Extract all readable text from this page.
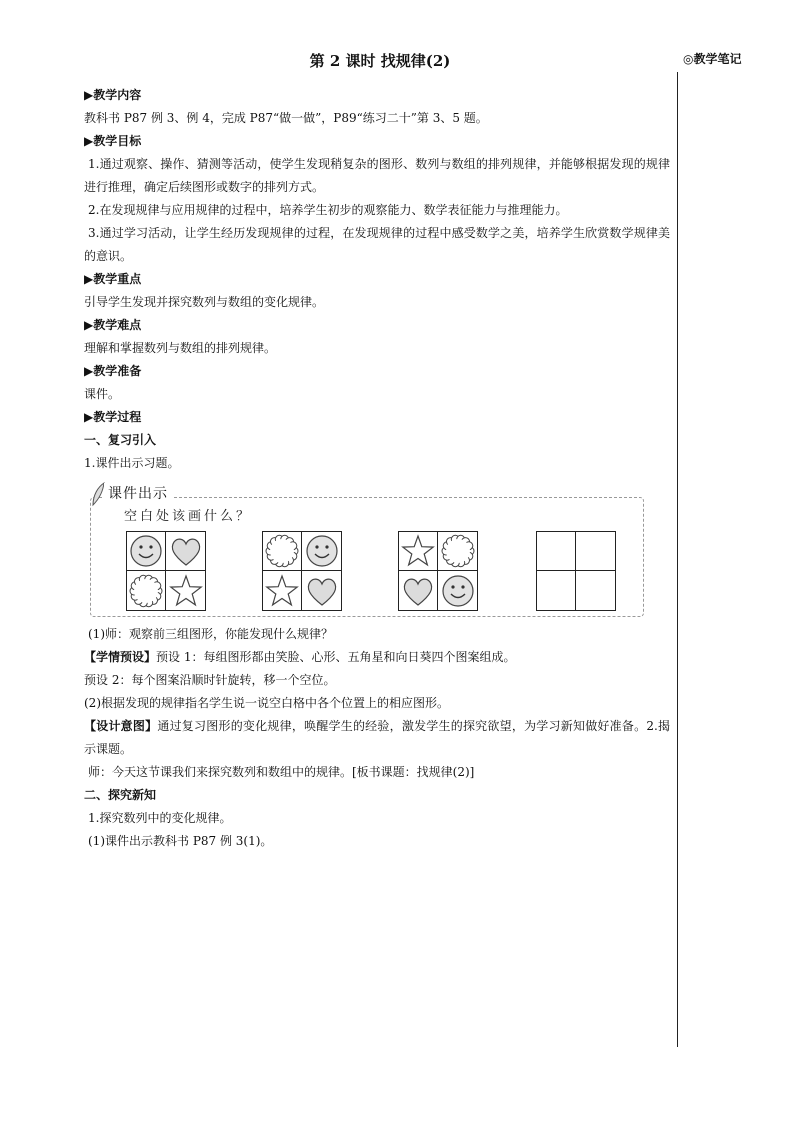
第 2 课时 找规律(2)	◎教学笔记

▶教学内容

教科书 P87 例 3、例 4，完成 P87“做一做”，P89“练习二十”第 3、5 题。

▶教学目标

1.通过观察、操作、猜测等活动，使学生发现稍复杂的图形、数列与数组的排列规律，并能够根据发现的规律进行推理，确定后续图形或数字的排列方式。

2.在发现规律与应用规律的过程中，培养学生初步的观察能力、数学表征能力与推理能力。

3.通过学习活动，让学生经历发现规律的过程，在发现规律的过程中感受数学之美，培养学生欣赏数学规律美的意识。

▶教学重点

引导学生发现并探究数列与数组的变化规律。

▶教学难点

理解和掌握数列与数组的排列规律。

▶教学准备

课件。

▶教学过程

一、复习引入

1.课件出示习题。

课件出示
空白处该画什么？

(1)师：观察前三组图形，你能发现什么规律？

【学情预设】预设 1：每组图形都由笑脸、心形、五角星和向日葵四个图案组成。

预设 2：每个图案沿顺时针旋转，移一个空位。

(2)根据发现的规律指名学生说一说空白格中各个位置上的相应图形。

【设计意图】通过复习图形的变化规律，唤醒学生的经验，激发学生的探究欲望，为学习新知做好准备。2.揭示课题。

师：今天这节课我们来探究数列和数组中的规律。[板书课题：找规律(2)]

二、探究新知

1.探究数列中的变化规律。

(1)课件出示教科书 P87 例 3(1)。
